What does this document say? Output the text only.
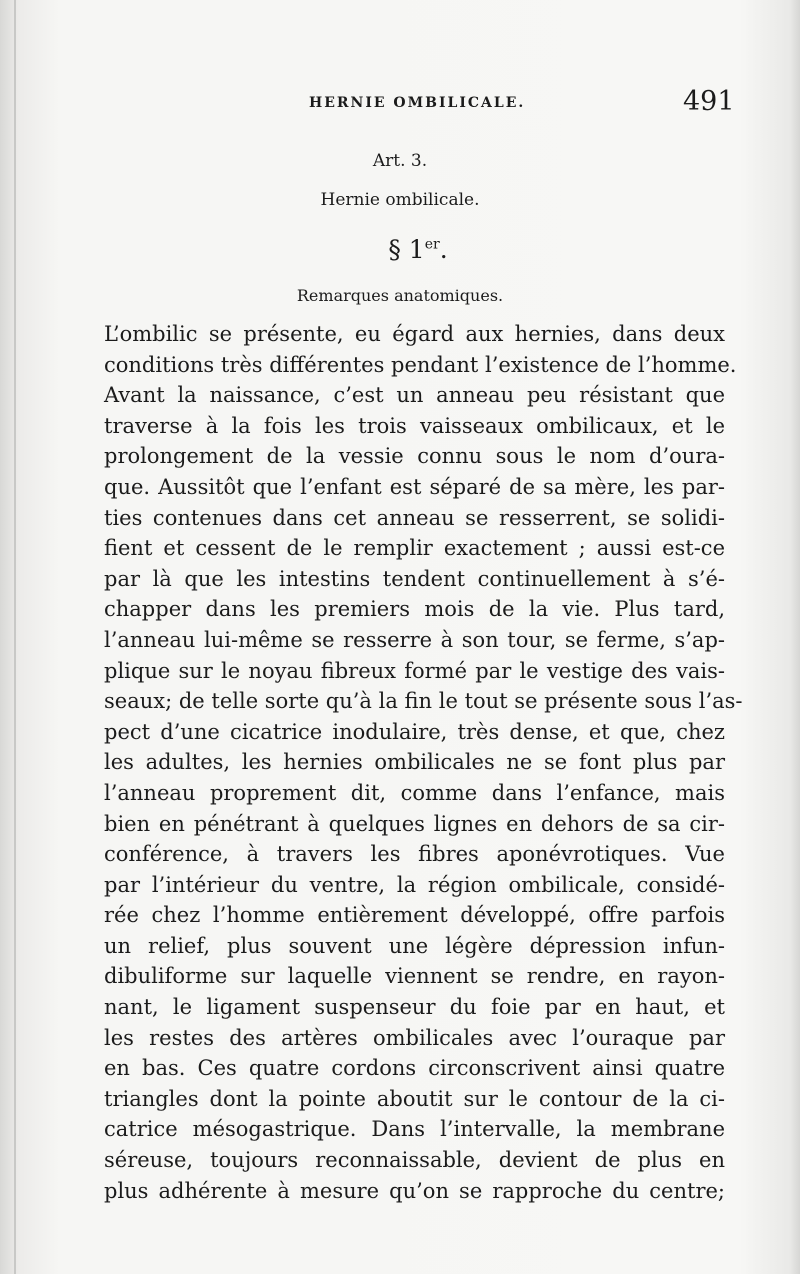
HERNIE OMBILICALE.	491
Art. 3.
Hernie ombilicale.
§ 1er.
Remarques anatomiques.
L’ombilic se présente, eu égard aux hernies, dans deux
conditions très différentes pendant l’existence de l’homme.
Avant la naissance, c’est un anneau peu résistant que
traverse à la fois les trois vaisseaux ombilicaux, et le
prolongement de la vessie connu sous le nom d’oura-
que. Aussitôt que l’enfant est séparé de sa mère, les par-
ties contenues dans cet anneau se resserrent, se solidi-
fient et cessent de le remplir exactement ; aussi est-ce
par là que les intestins tendent continuellement à s’é-
chapper dans les premiers mois de la vie. Plus tard,
l’anneau lui-même se resserre à son tour, se ferme, s’ap-
plique sur le noyau fibreux formé par le vestige des vais-
seaux; de telle sorte qu’à la fin le tout se présente sous l’as-
pect d’une cicatrice inodulaire, très dense, et que, chez
les adultes, les hernies ombilicales ne se font plus par
l’anneau proprement dit, comme dans l’enfance, mais
bien en pénétrant à quelques lignes en dehors de sa cir-
conférence, à travers les fibres aponévrotiques. Vue
par l’intérieur du ventre, la région ombilicale, considé-
rée chez l’homme entièrement développé, offre parfois
un relief, plus souvent une légère dépression infun-
dibuliforme sur laquelle viennent se rendre, en rayon-
nant, le ligament suspenseur du foie par en haut, et
les restes des artères ombilicales avec l’ouraque par
en bas. Ces quatre cordons circonscrivent ainsi quatre
triangles dont la pointe aboutit sur le contour de la ci-
catrice mésogastrique. Dans l’intervalle, la membrane
séreuse, toujours reconnaissable, devient de plus en
plus adhérente à mesure qu’on se rapproche du centre;
